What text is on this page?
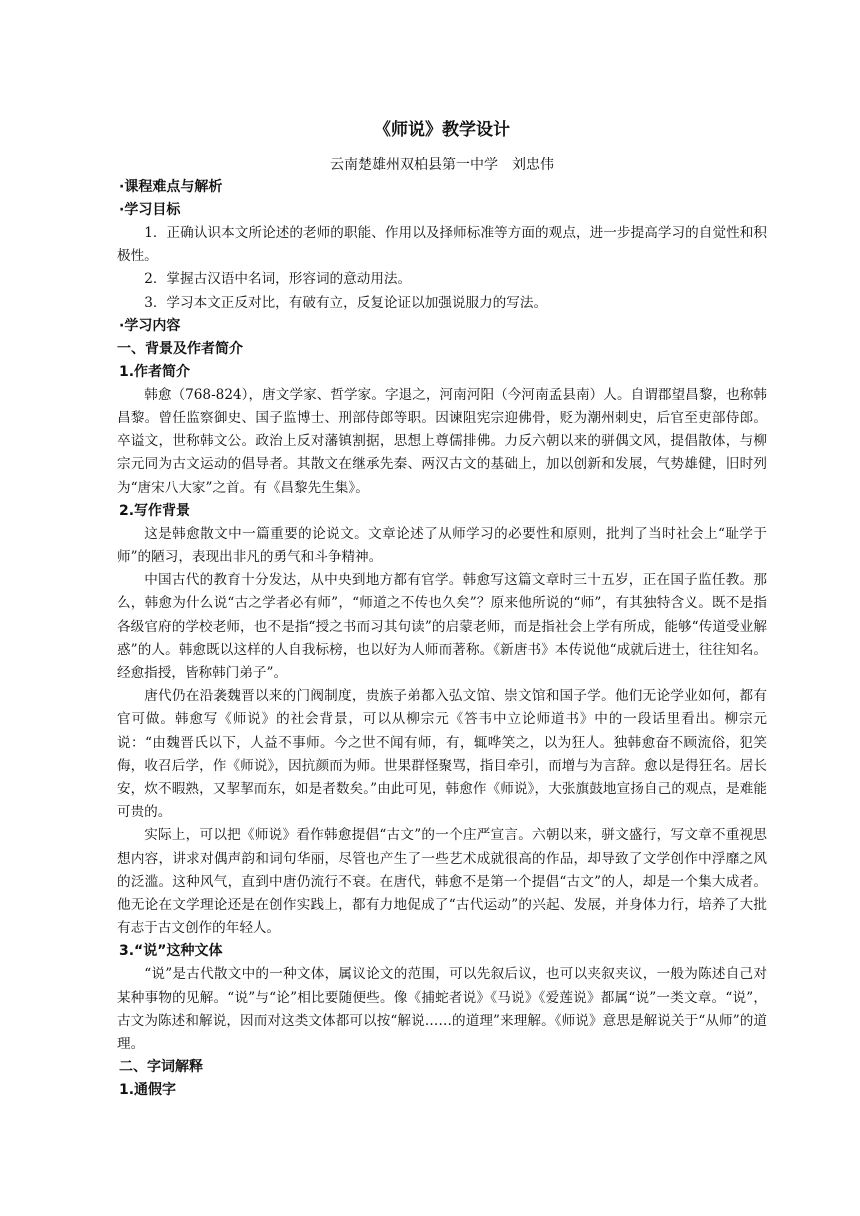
《师说》教学设计
云南楚雄州双柏县第一中学　刘忠伟
·课程难点与解析
·学习目标

1．正确认识本文所论述的老师的职能、作用以及择师标准等方面的观点，进一步提高学习的自觉性和积极性。

2．掌握古汉语中名词，形容词的意动用法。

3．学习本文正反对比，有破有立，反复论证以加强说服力的写法。

·学习内容
一、背景及作者简介
1.作者简介

韩愈（768-824），唐文学家、哲学家。字退之，河南河阳（今河南孟县南）人。自谓郡望昌黎，也称韩昌黎。曾任监察御史、国子监博士、刑部侍郎等职。因谏阻宪宗迎佛骨，贬为潮州刺史，后官至吏部侍郎。卒谥文，世称韩文公。政治上反对藩镇割据，思想上尊儒排佛。力反六朝以来的骈偶文风，提倡散体，与柳宗元同为古文运动的倡导者。其散文在继承先秦、两汉古文的基础上，加以创新和发展，气势雄健，旧时列为“唐宋八大家”之首。有《昌黎先生集》。

2.写作背景

这是韩愈散文中一篇重要的论说文。文章论述了从师学习的必要性和原则，批判了当时社会上“耻学于师”的陋习，表现出非凡的勇气和斗争精神。

中国古代的教育十分发达，从中央到地方都有官学。韩愈写这篇文章时三十五岁，正在国子监任教。那么，韩愈为什么说“古之学者必有师”，“师道之不传也久矣”？原来他所说的“师”，有其独特含义。既不是指各级官府的学校老师，也不是指“授之书而习其句读”的启蒙老师，而是指社会上学有所成，能够“传道受业解惑”的人。韩愈既以这样的人自我标榜，也以好为人师而著称。《新唐书》本传说他“成就后进士，往往知名。经愈指授，皆称韩门弟子”。

唐代仍在沿袭魏晋以来的门阀制度，贵族子弟都入弘文馆、崇文馆和国子学。他们无论学业如何，都有官可做。韩愈写《师说》的社会背景，可以从柳宗元《答韦中立论师道书》中的一段话里看出。柳宗元说：“由魏晋氏以下，人益不事师。今之世不闻有师，有，辄哗笑之，以为狂人。独韩愈奋不顾流俗，犯笑侮，收召后学，作《师说》，因抗颜而为师。世果群怪聚骂，指目牵引，而增与为言辞。愈以是得狂名。居长安，炊不暇熟，又挈挈而东，如是者数矣。”由此可见，韩愈作《师说》，大张旗鼓地宣扬自己的观点，是难能可贵的。

实际上，可以把《师说》看作韩愈提倡“古文”的一个庄严宣言。六朝以来，骈文盛行，写文章不重视思想内容，讲求对偶声韵和词句华丽，尽管也产生了一些艺术成就很高的作品，却导致了文学创作中浮靡之风的泛滥。这种风气，直到中唐仍流行不衰。在唐代，韩愈不是第一个提倡“古文”的人，却是一个集大成者。他无论在文学理论还是在创作实践上，都有力地促成了“古代运动”的兴起、发展，并身体力行，培养了大批有志于古文创作的年轻人。

3.“说”这种文体

“说”是古代散文中的一种文体，属议论文的范围，可以先叙后议，也可以夹叙夹议，一般为陈述自己对某种事物的见解。“说”与“论”相比要随便些。像《捕蛇者说》《马说》《爱莲说》都属“说”一类文章。“说”，古文为陈述和解说，因而对这类文体都可以按“解说……的道理”来理解。《师说》意思是解说关于“从师”的道理。

二、字词解释
1.通假字
